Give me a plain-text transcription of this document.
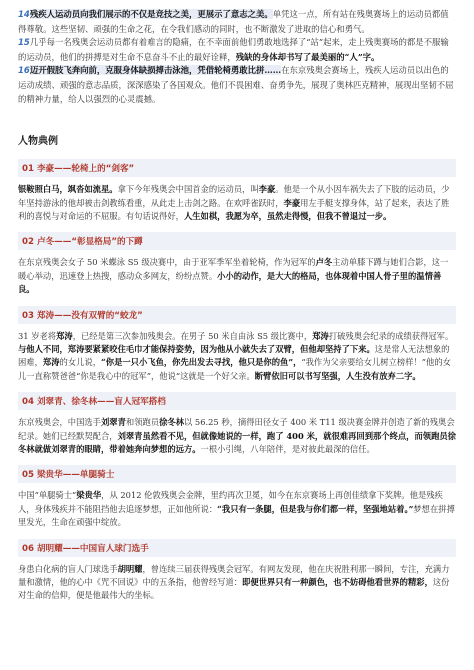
14残疾人运动员向我们展示的不仅是竞技之美，更展示了意志之美。单凭这一点，所有站在残奥赛场上的运动员都值得尊敬。这些坚韧、顽强的生命之花，在令我们感动的同时，也不断激发了进取的信心和勇气。

15几乎每一名残奥会运动员都有着难言的隐痛，在不幸面前他们勇敢地选择了“站”起来，走上残奥赛场的都是不服输的运动员，他们的拼搏是对生命不息奋斗不止的最好诠释，残缺的身体却书写了最美丽的“人”字。

16迈开假肢飞奔向前，克服身体缺损搏击泳池，凭借轮椅勇敢比拼……在东京残奥会赛场上，残疾人运动员以出色的运动成绩、顽强的意志品质，深深感染了各国观众。他们不畏困难、奋勇争先，展现了奥林匹克精神，展现出坚韧不屈的精神力量，给人以强烈的心灵震撼。

人物典例
01 李豪——轮椅上的“剑客”

银鞍照白马，飒沓如流星。拿下今年残奥会中国首金的运动员，叫李豪。他是一个从小因车祸失去了下肢的运动员，少年坚持游泳的他却被击剑教练看重，从此走上击剑之路。在欢呼雀跃时，李豪用左手艇支撑身体，站了起来，表达了胜利的喜悦与对命运的不屈服。有句话说得好，人生如棋，我愿为卒，虽然走得慢，但我不曾退过一步。

02 卢冬——“彰显格局”的下蹲

在东京残奥会女子 50 米蝶泳 S5 级决赛中，由于亚军季军坐着轮椅，作为冠军的卢冬主动单膝下蹲与她们合影，这一暖心举动，迅速登上热搜，感动众多网友，纷纷点赞。小小的动作，是大大的格局，也体现着中国人骨子里的温情善良。

03 郑涛——没有双臂的“蛟龙”

31 岁老将郑涛，已经是第三次参加残奥会。在男子 50 米自由泳 S5 级比赛中，郑涛打破残奥会纪录的成绩获得冠军。与他人不同，郑涛要紧紧咬住毛巾才能保持姿势，因为他从小就失去了双臂，但他却坚持了下来。这是常人无法想象的困难，郑涛的女儿说，“你是一只小飞鱼，你先出发去寻找，他只是你的鱼”，“我作为父亲要给女儿树立榜样！”他的女儿一直称赞爸爸“你是我心中的冠军”，他说“这就是一个好父亲。断臂依旧可以书写坚强，人生没有放弃二字。

04 刘翠青、徐冬林——盲人冠军搭档

东京残奥会，中国选手刘翠青和领跑员徐冬林以 56.25 秒，摘得田径女子 400 米 T11 级决赛金牌并创造了新的残奥会纪录。她们已经默契配合，刘翠青虽然看不见，但就像她说的一样，跑了 400 米，就很难再回到那个终点，而领跑员徐冬林就做刘翠青的眼睛，带着她奔向梦想的远方。一根小引绳，八年陪伴，是对彼此最深的信任。

05 梁贵华——单腿骑士

中国“单腿骑士”梁贵华，从 2012 伦敦残奥会金牌，里约再次卫冕，如今在东京赛场上再创佳绩拿下奖牌。他是残疾人，身体残疾并不能阻挡他去追逐梦想，正如他所说：“我只有一条腿，但是我与你们都一样，坚强地站着。”梦想在拼搏里发光，生命在顽强中绽放。

06 胡明耀——中国盲人球门选手

身患白化病的盲人门球选手胡明耀，曾连续三届获得残奥会冠军。有网友发现，他在庆祝胜利那一瞬间，专注，充满力量和激情，他的心中《咒不回说》中的五条指，他曾经写道：即便世界只有一种颜色，也不妨碍他看世界的精彩，这份对生命的信仰，便是他最伟大的坐标。
